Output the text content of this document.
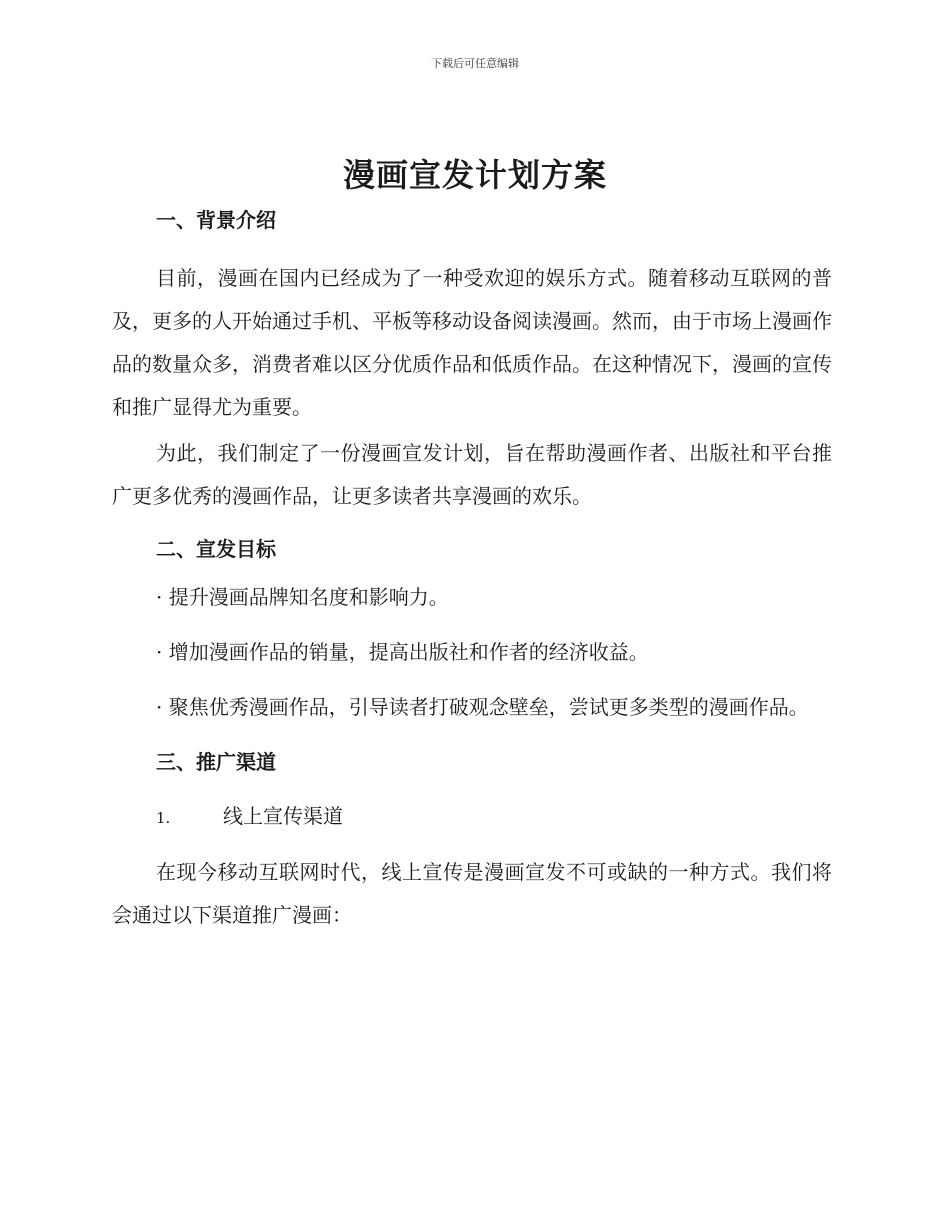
下载后可任意编辑
漫画宣发计划方案
一、背景介绍

目前，漫画在国内已经成为了一种受欢迎的娱乐方式。随着移动互联网的普及，更多的人开始通过手机、平板等移动设备阅读漫画。然而，由于市场上漫画作品的数量众多，消费者难以区分优质作品和低质作品。在这种情况下，漫画的宣传和推广显得尤为重要。

为此，我们制定了一份漫画宣发计划，旨在帮助漫画作者、出版社和平台推广更多优秀的漫画作品，让更多读者共享漫画的欢乐。

二、宣发目标

· 提升漫画品牌知名度和影响力。

· 增加漫画作品的销量，提高出版社和作者的经济收益。

· 聚焦优秀漫画作品，引导读者打破观念壁垒，尝试更多类型的漫画作品。

三、推广渠道
1.	线上宣传渠道

在现今移动互联网时代，线上宣传是漫画宣发不可或缺的一种方式。我们将会通过以下渠道推广漫画：
